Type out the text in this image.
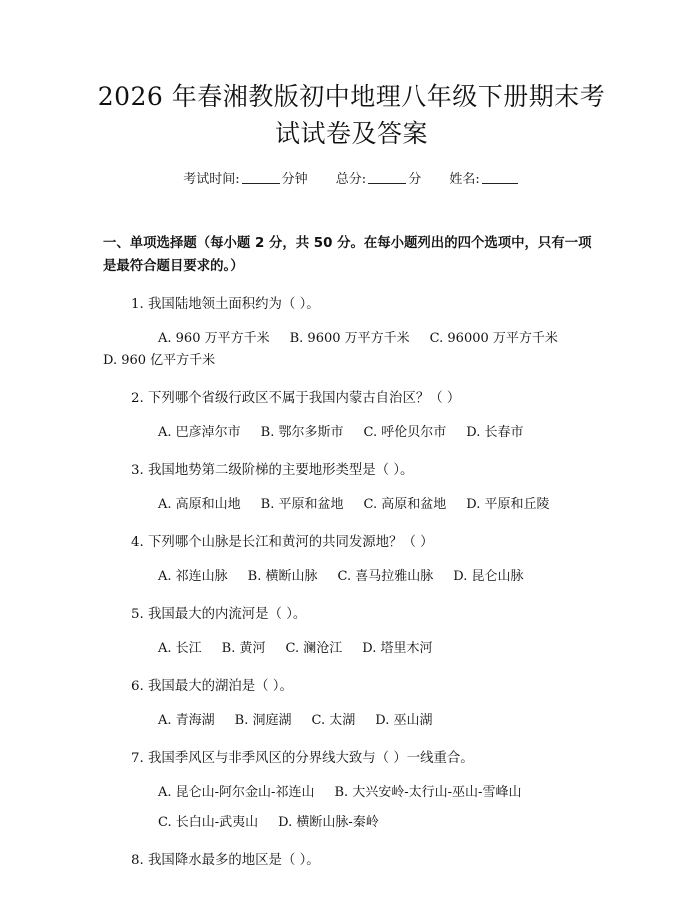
2026 年春湘教版初中地理八年级下册期末考
试试卷及答案
考试时间:	分钟 总分:	分 姓名:
一、单项选择题（每小题 2 分，共 50 分。在每小题列出的四个选项中，只有一项是最符合题目要求的。）
1. 我国陆地领土面积约为（ ）。
A. 960 万平方千米 B. 9600 万平方千米 C. 96000 万平方千米D. 960 亿平方千米
2. 下列哪个省级行政区不属于我国内蒙古自治区？（ ）
A. 巴彦淖尔市 B. 鄂尔多斯市 C. 呼伦贝尔市 D. 长春市
3. 我国地势第二级阶梯的主要地形类型是（ ）。
A. 高原和山地 B. 平原和盆地 C. 高原和盆地 D. 平原和丘陵
4. 下列哪个山脉是长江和黄河的共同发源地？（ ）
A. 祁连山脉 B. 横断山脉 C. 喜马拉雅山脉 D. 昆仑山脉
5. 我国最大的内流河是（ ）。
A. 长江 B. 黄河 C. 澜沧江 D. 塔里木河
6. 我国最大的湖泊是（ ）。
A. 青海湖 B. 洞庭湖 C. 太湖 D. 巫山湖
7. 我国季风区与非季风区的分界线大致与（ ）一线重合。
A. 昆仑山-阿尔金山-祁连山 B. 大兴安岭-太行山-巫山-雪峰山
C. 长白山-武夷山 D. 横断山脉-秦岭
8. 我国降水最多的地区是（ ）。
